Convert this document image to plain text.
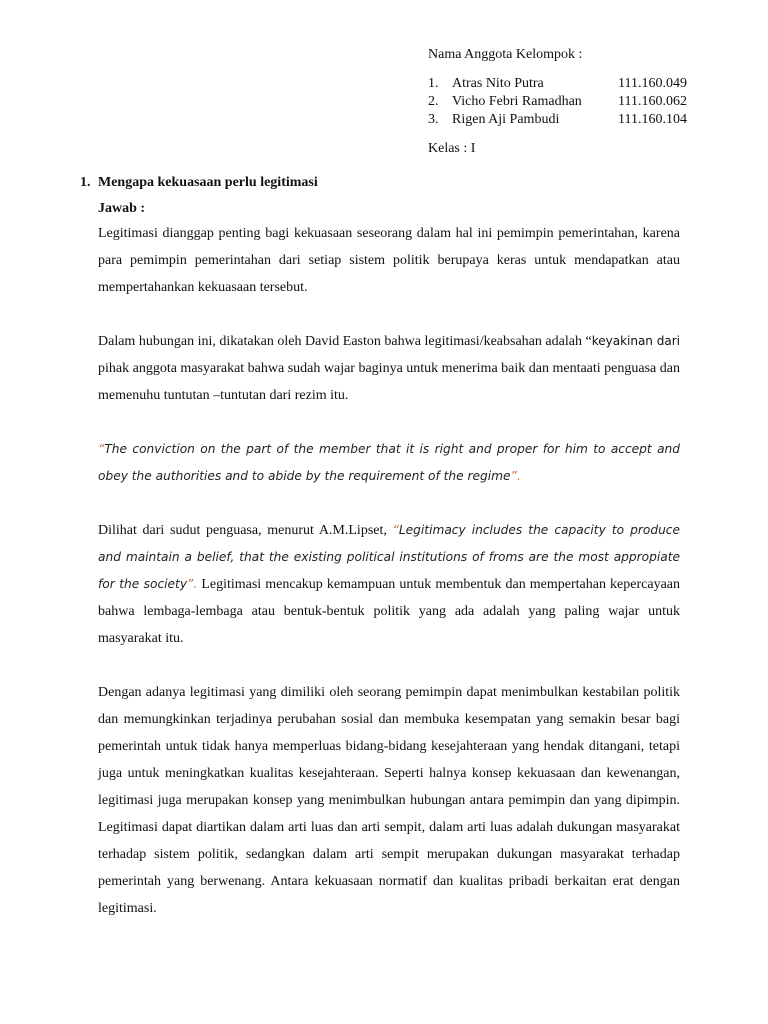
Nama Anggota Kelompok :
1. Atras Nito Putra	111.160.049
2. Vicho Febri Ramadhan	111.160.062
3. Rigen Aji Pambudi	111.160.104
Kelas : I
1. Mengapa kekuasaan perlu legitimasi
Jawab :

Legitimasi dianggap penting bagi kekuasaan seseorang dalam hal ini pemimpin pemerintahan, karena para pemimpin pemerintahan dari setiap sistem politik berupaya keras untuk mendapatkan atau mempertahankan kekuasaan tersebut.

Dalam hubungan ini, dikatakan oleh David Easton bahwa legitimasi/keabsahan adalah “keyakinan dari pihak anggota masyarakat bahwa sudah wajar baginya untuk menerima baik dan mentaati penguasa dan memenuhu tuntutan –tuntutan dari rezim itu.

“The conviction on the part of the member that it is right and proper for him to accept and obey the authorities and to abide by the requirement of the regime”.

Dilihat dari sudut penguasa, menurut A.M.Lipset, “Legitimacy includes the capacity to produce and maintain a belief, that the existing political institutions of froms are the most appropiate for the society”. Legitimasi mencakup kemampuan untuk membentuk dan mempertahan kepercayaan bahwa lembaga-lembaga atau bentuk-bentuk politik yang ada adalah yang paling wajar untuk masyarakat itu.

Dengan adanya legitimasi yang dimiliki oleh seorang pemimpin dapat menimbulkan kestabilan politik dan memungkinkan terjadinya perubahan sosial dan membuka kesempatan yang semakin besar bagi pemerintah untuk tidak hanya memperluas bidang-bidang kesejahteraan yang hendak ditangani, tetapi juga untuk meningkatkan kualitas kesejahteraan. Seperti halnya konsep kekuasaan dan kewenangan, legitimasi juga merupakan konsep yang menimbulkan hubungan antara pemimpin dan yang dipimpin. Legitimasi dapat diartikan dalam arti luas dan arti sempit, dalam arti luas adalah dukungan masyarakat terhadap sistem politik, sedangkan dalam arti sempit merupakan dukungan masyarakat terhadap pemerintah yang berwenang. Antara kekuasaan normatif dan kualitas pribadi berkaitan erat dengan legitimasi.
